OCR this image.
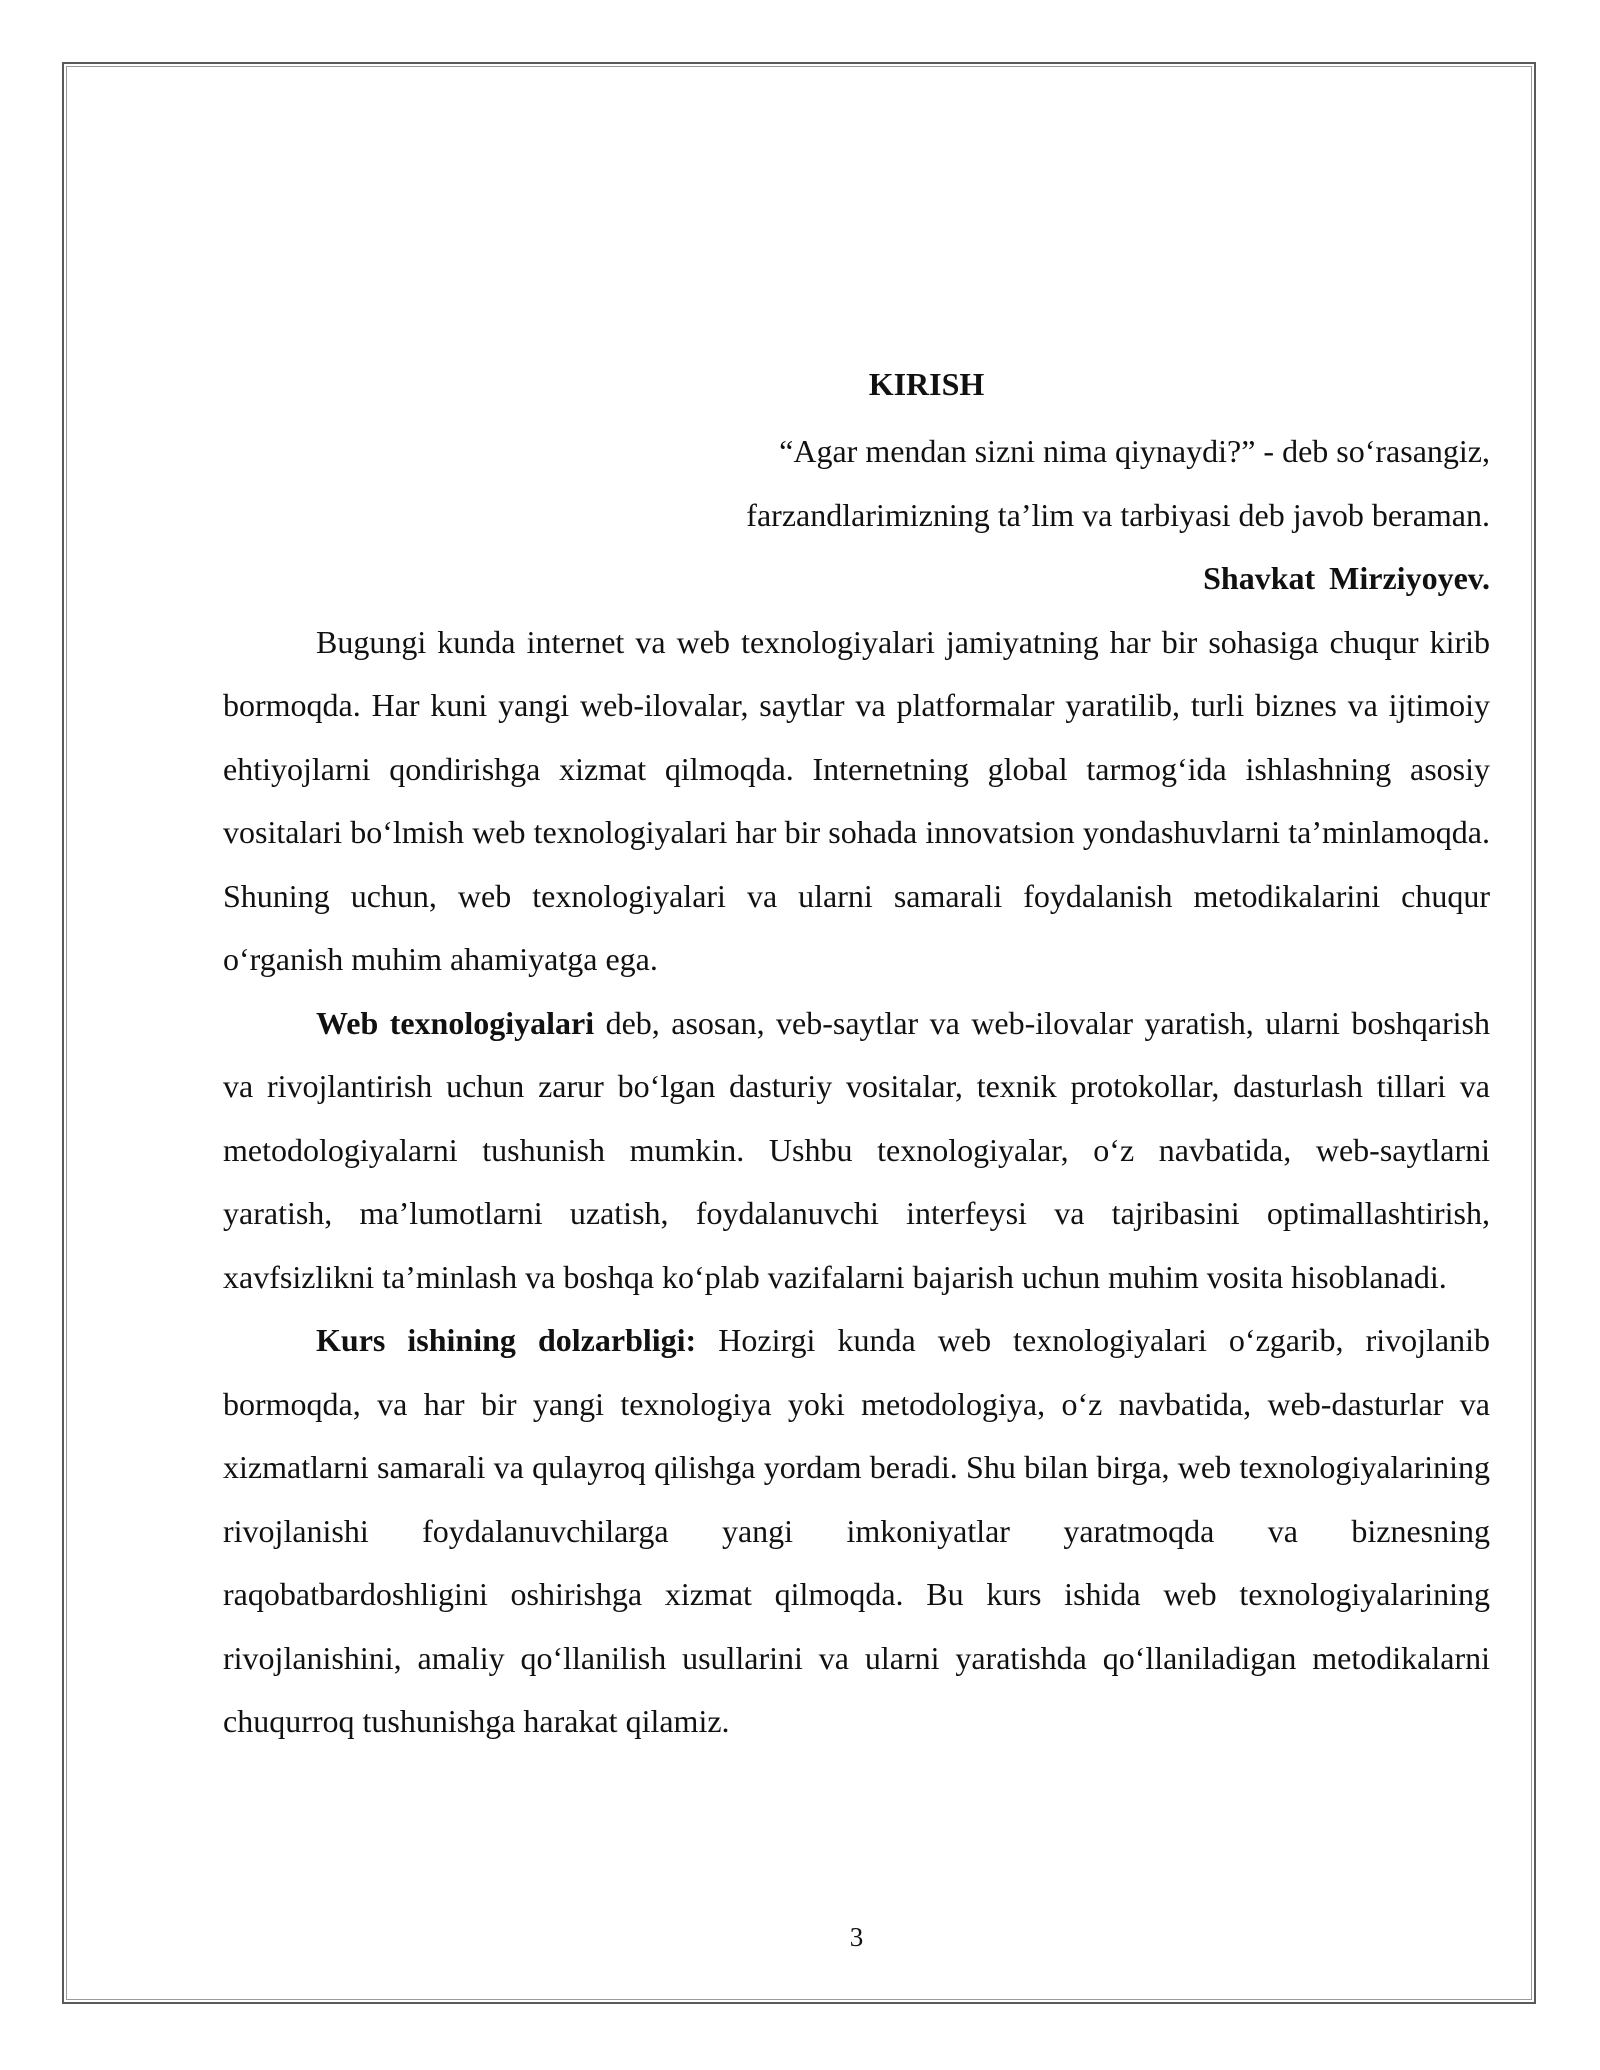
KIRISH

“Agar mendan sizni nima qiynaydi?” - deb so‘rasangiz,

farzandlarimizning ta’lim va tarbiyasi deb javob beraman.

Shavkat Mirziyoyev.

Bugungi kunda internet va web texnologiyalari jamiyatning har bir sohasiga chuqur kirib bormoqda. Har kuni yangi web-ilovalar, saytlar va platformalar yaratilib, turli biznes va ijtimoiy ehtiyojlarni qondirishga xizmat qilmoqda. Internetning global tarmog‘ida ishlashning asosiy vositalari bo‘lmish web texnologiyalari har bir sohada innovatsion yondashuvlarni ta’minlamoqda. Shuning uchun, web texnologiyalari va ularni samarali foydalanish metodikalarini chuqur o‘rganish muhim ahamiyatga ega.

Web texnologiyalari deb, asosan, veb-saytlar va web-ilovalar yaratish, ularni boshqarish va rivojlantirish uchun zarur bo‘lgan dasturiy vositalar, texnik protokollar, dasturlash tillari va metodologiyalarni tushunish mumkin. Ushbu texnologiyalar, o‘z navbatida, web-saytlarni yaratish, ma’lumotlarni uzatish, foydalanuvchi interfeysi va tajribasini optimallashtirish, xavfsizlikni ta’minlash va boshqa ko‘plab vazifalarni bajarish uchun muhim vosita hisoblanadi.

Kurs ishining dolzarbligi: Hozirgi kunda web texnologiyalari o‘zgarib, rivojlanib bormoqda, va har bir yangi texnologiya yoki metodologiya, o‘z navbatida, web-dasturlar va xizmatlarni samarali va qulayroq qilishga yordam beradi. Shu bilan birga, web texnologiyalarining rivojlanishi foydalanuvchilarga yangi imkoniyatlar yaratmoqda va biznesning raqobatbardoshligini oshirishga xizmat qilmoqda. Bu kurs ishida web texnologiyalarining rivojlanishini, amaliy qo‘llanilish usullarini va ularni yaratishda qo‘llaniladigan metodikalarni chuqurroq tushunishga harakat qilamiz.

3
